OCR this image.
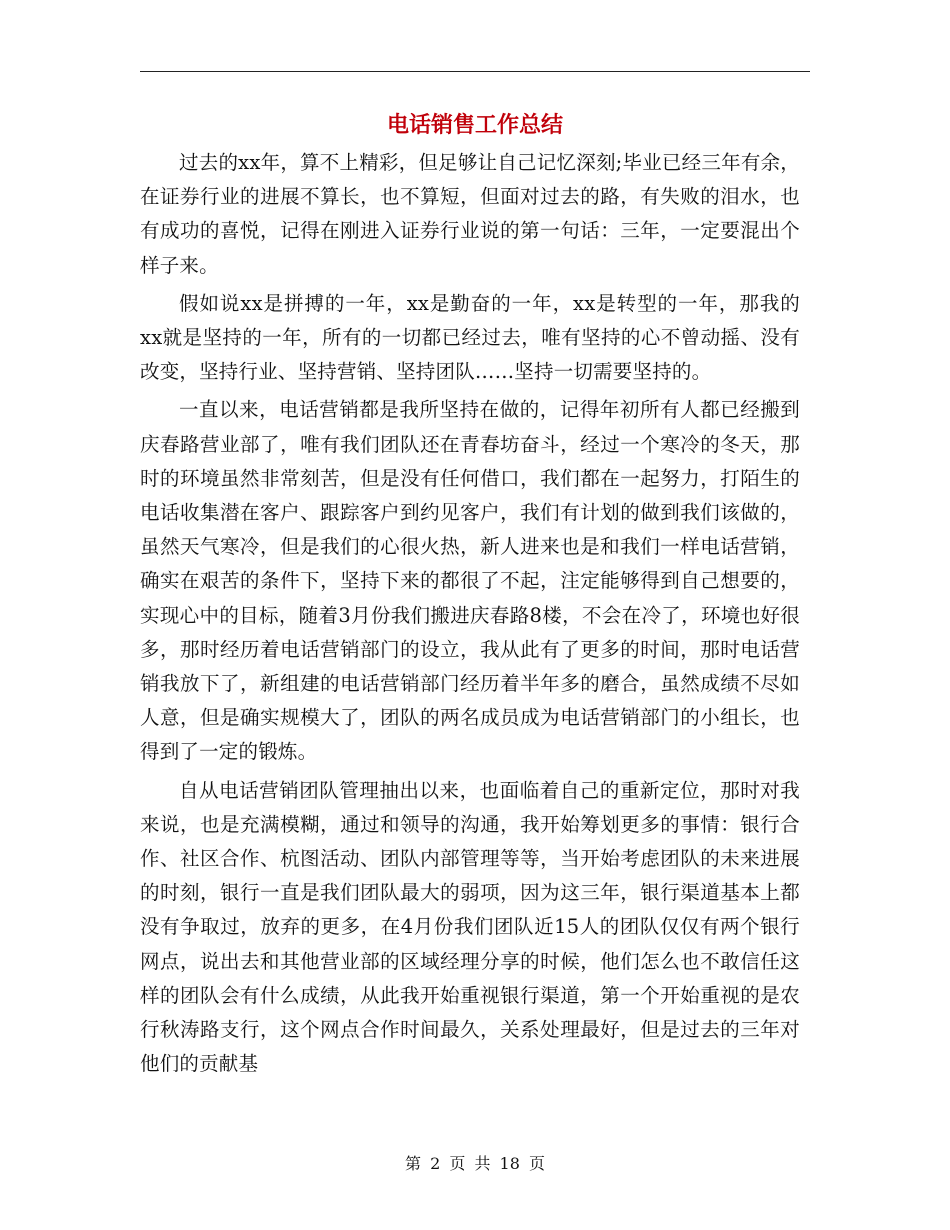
电话销售工作总结

过去的xx年，算不上精彩，但足够让自己记忆深刻;毕业已经三年有余，在证券行业的进展不算长，也不算短，但面对过去的路，有失败的泪水，也有成功的喜悦，记得在刚进入证券行业说的第一句话：三年，一定要混出个样子来。

假如说xx是拼搏的一年，xx是勤奋的一年，xx是转型的一年，那我的xx就是坚持的一年，所有的一切都已经过去，唯有坚持的心不曾动摇、没有改变，坚持行业、坚持营销、坚持团队……坚持一切需要坚持的。

一直以来，电话营销都是我所坚持在做的，记得年初所有人都已经搬到庆春路营业部了，唯有我们团队还在青春坊奋斗，经过一个寒冷的冬天，那时的环境虽然非常刻苦，但是没有任何借口，我们都在一起努力，打陌生的电话收集潜在客户、跟踪客户到约见客户，我们有计划的做到我们该做的，虽然天气寒冷，但是我们的心很火热，新人进来也是和我们一样电话营销，确实在艰苦的条件下，坚持下来的都很了不起，注定能够得到自己想要的，实现心中的目标，随着3月份我们搬进庆春路8楼，不会在冷了，环境也好很多，那时经历着电话营销部门的设立，我从此有了更多的时间，那时电话营销我放下了，新组建的电话营销部门经历着半年多的磨合，虽然成绩不尽如人意，但是确实规模大了，团队的两名成员成为电话营销部门的小组长，也得到了一定的锻炼。

自从电话营销团队管理抽出以来，也面临着自己的重新定位，那时对我来说，也是充满模糊，通过和领导的沟通，我开始筹划更多的事情：银行合作、社区合作、杭图活动、团队内部管理等等，当开始考虑团队的未来进展的时刻，银行一直是我们团队最大的弱项，因为这三年，银行渠道基本上都没有争取过，放弃的更多，在4月份我们团队近15人的团队仅仅有两个银行网点，说出去和其他营业部的区域经理分享的时候，他们怎么也不敢信任这样的团队会有什么成绩，从此我开始重视银行渠道，第一个开始重视的是农行秋涛路支行，这个网点合作时间最久，关系处理最好，但是过去的三年对他们的贡献基

第 2 页 共 18 页
